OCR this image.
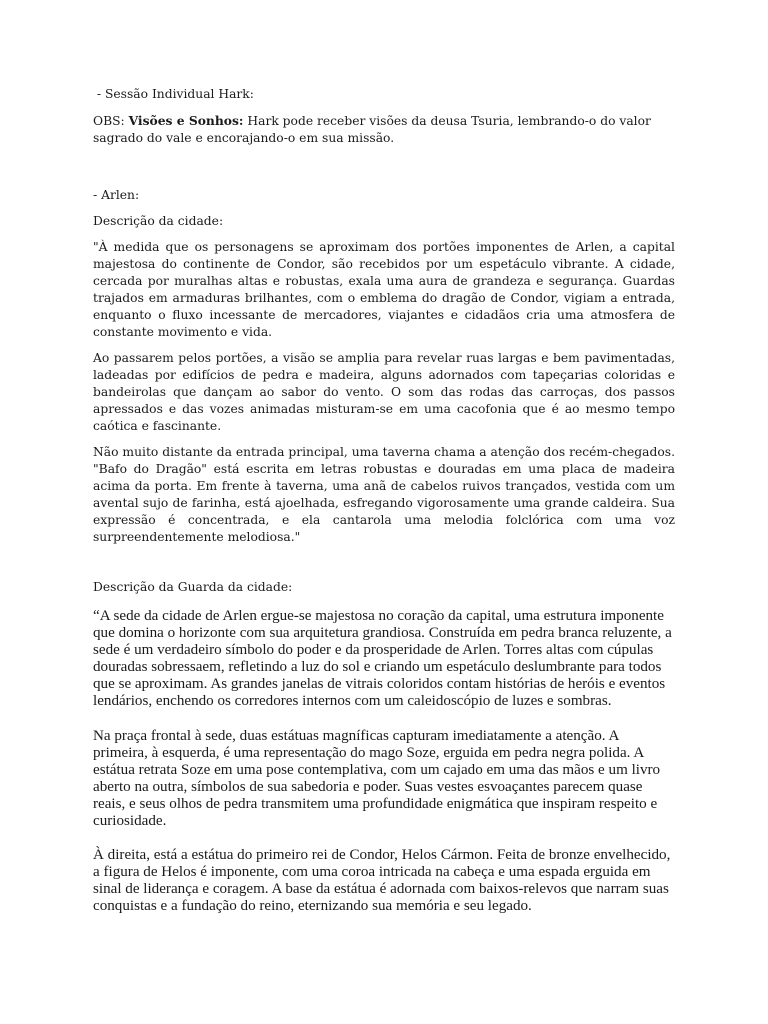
- Sessão Individual Hark:

OBS: Visões e Sonhos: Hark pode receber visões da deusa Tsuria, lembrando-o do valor sagrado do vale e encorajando-o em sua missão.

- Arlen:

Descrição da cidade:

"À medida que os personagens se aproximam dos portões imponentes de Arlen, a capital majestosa do continente de Condor, são recebidos por um espetáculo vibrante. A cidade, cercada por muralhas altas e robustas, exala uma aura de grandeza e segurança. Guardas trajados em armaduras brilhantes, com o emblema do dragão de Condor, vigiam a entrada, enquanto o fluxo incessante de mercadores, viajantes e cidadãos cria uma atmosfera de constante movimento e vida.

Ao passarem pelos portões, a visão se amplia para revelar ruas largas e bem pavimentadas, ladeadas por edifícios de pedra e madeira, alguns adornados com tapeçarias coloridas e bandeirolas que dançam ao sabor do vento. O som das rodas das carroças, dos passos apressados e das vozes animadas misturam-se em uma cacofonia que é ao mesmo tempo caótica e fascinante.

Não muito distante da entrada principal, uma taverna chama a atenção dos recém-chegados. "Bafo do Dragão" está escrita em letras robustas e douradas em uma placa de madeira acima da porta. Em frente à taverna, uma anã de cabelos ruivos trançados, vestida com um avental sujo de farinha, está ajoelhada, esfregando vigorosamente uma grande caldeira. Sua expressão é concentrada, e ela cantarola uma melodia folclórica com uma voz surpreendentemente melodiosa."

Descrição da Guarda da cidade:

“A sede da cidade de Arlen ergue-se majestosa no coração da capital, uma estrutura imponente que domina o horizonte com sua arquitetura grandiosa. Construída em pedra branca reluzente, a sede é um verdadeiro símbolo do poder e da prosperidade de Arlen. Torres altas com cúpulas douradas sobressaem, refletindo a luz do sol e criando um espetáculo deslumbrante para todos que se aproximam. As grandes janelas de vitrais coloridos contam histórias de heróis e eventos lendários, enchendo os corredores internos com um caleidoscópio de luzes e sombras.

Na praça frontal à sede, duas estátuas magníficas capturam imediatamente a atenção. A primeira, à esquerda, é uma representação do mago Soze, erguida em pedra negra polida. A estátua retrata Soze em uma pose contemplativa, com um cajado em uma das mãos e um livro aberto na outra, símbolos de sua sabedoria e poder. Suas vestes esvoaçantes parecem quase reais, e seus olhos de pedra transmitem uma profundidade enigmática que inspiram respeito e curiosidade.

À direita, está a estátua do primeiro rei de Condor, Helos Cármon. Feita de bronze envelhecido, a figura de Helos é imponente, com uma coroa intricada na cabeça e uma espada erguida em sinal de liderança e coragem. A base da estátua é adornada com baixos-relevos que narram suas conquistas e a fundação do reino, eternizando sua memória e seu legado.
